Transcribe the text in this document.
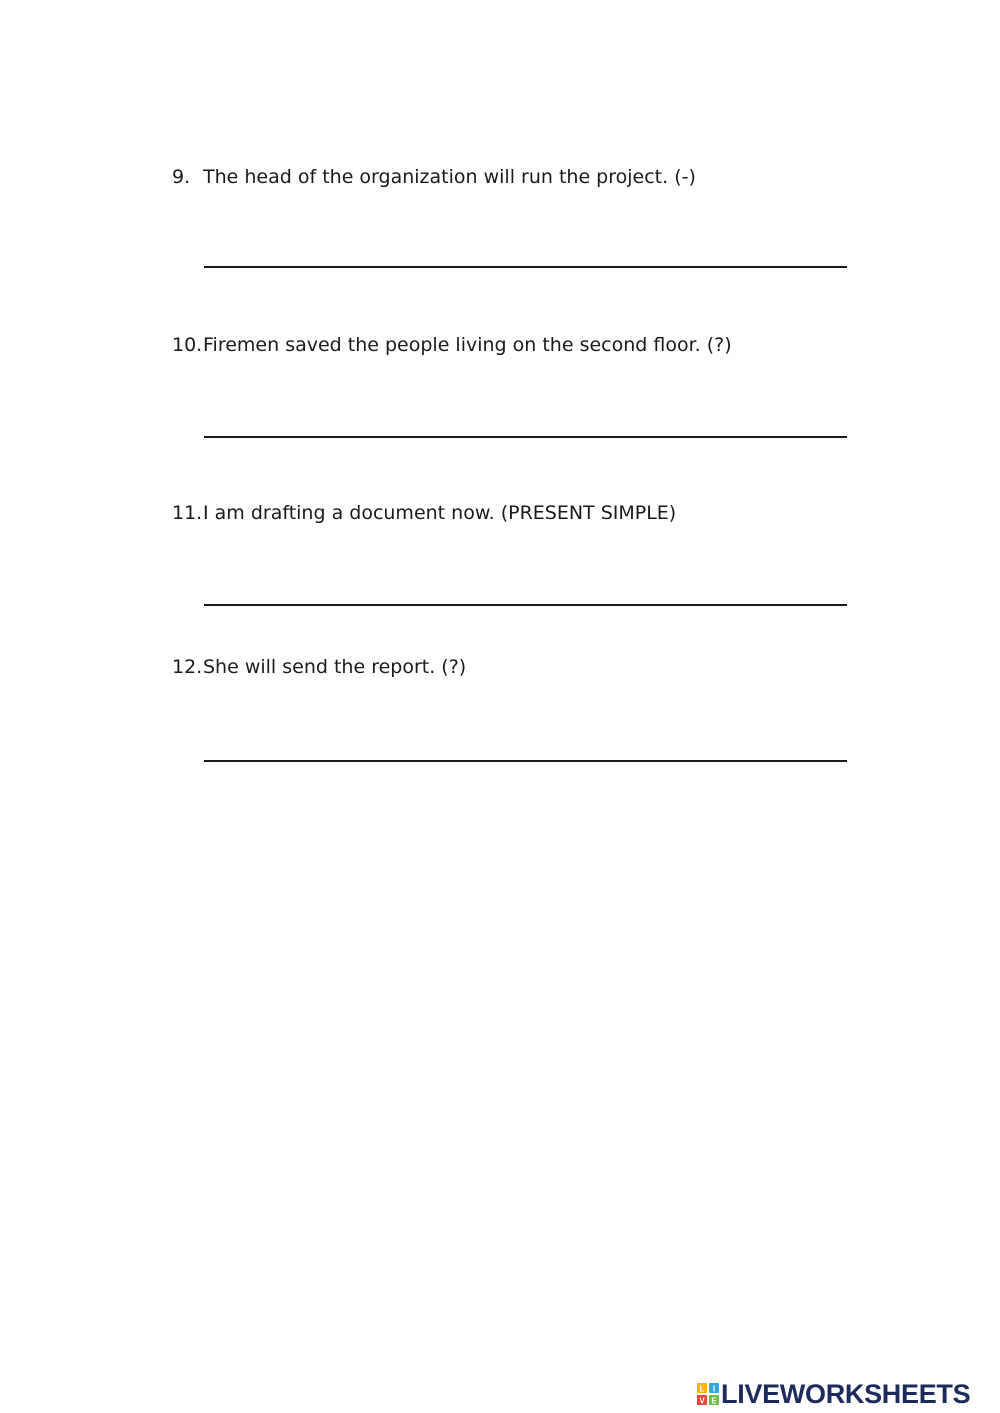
9. The head of the organization will run the project. (-)
10.Firemen saved the people living on the second floor. (?)
11.I am drafting a document now. (PRESENT SIMPLE)
12.She will send the report. (?)
L I
V E LIVEWORKSHEETS
